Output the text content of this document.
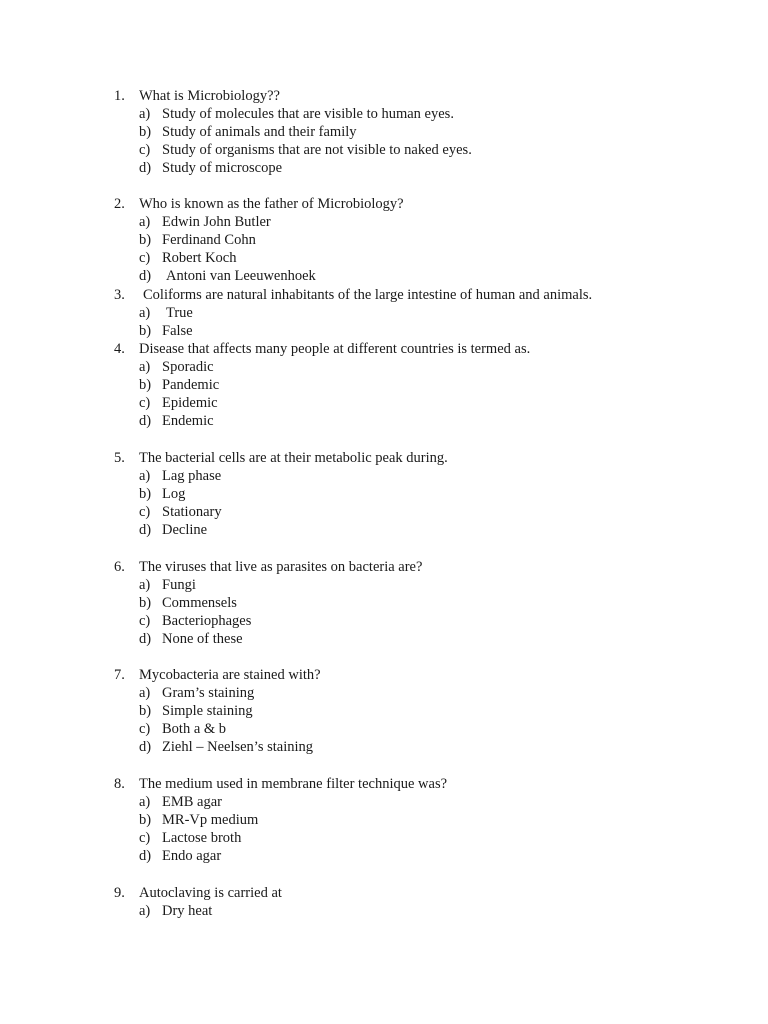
1. What is Microbiology??
a) Study of molecules that are visible to human eyes.
b) Study of animals and their family
c) Study of organisms that are not visible to naked eyes.
d) Study of microscope
2. Who is known as the father of Microbiology?
a) Edwin John Butler
b) Ferdinand Cohn
c) Robert Koch
d) Antoni van Leeuwenhoek
3. Coliforms are natural inhabitants of the large intestine of human and animals.
a) True
b) False
4. Disease that affects many people at different countries is termed as.
a) Sporadic
b) Pandemic
c) Epidemic
d) Endemic
5. The bacterial cells are at their metabolic peak during.
a) Lag phase
b) Log
c) Stationary
d) Decline
6. The viruses that live as parasites on bacteria are?
a) Fungi
b) Commensels
c) Bacteriophages
d) None of these
7. Mycobacteria are stained with?
a) Gram’s staining
b) Simple staining
c) Both a & b
d) Ziehl – Neelsen’s staining
8. The medium used in membrane filter technique was?
a) EMB agar
b) MR-Vp medium
c) Lactose broth
d) Endo agar
9. Autoclaving is carried at
a) Dry heat
